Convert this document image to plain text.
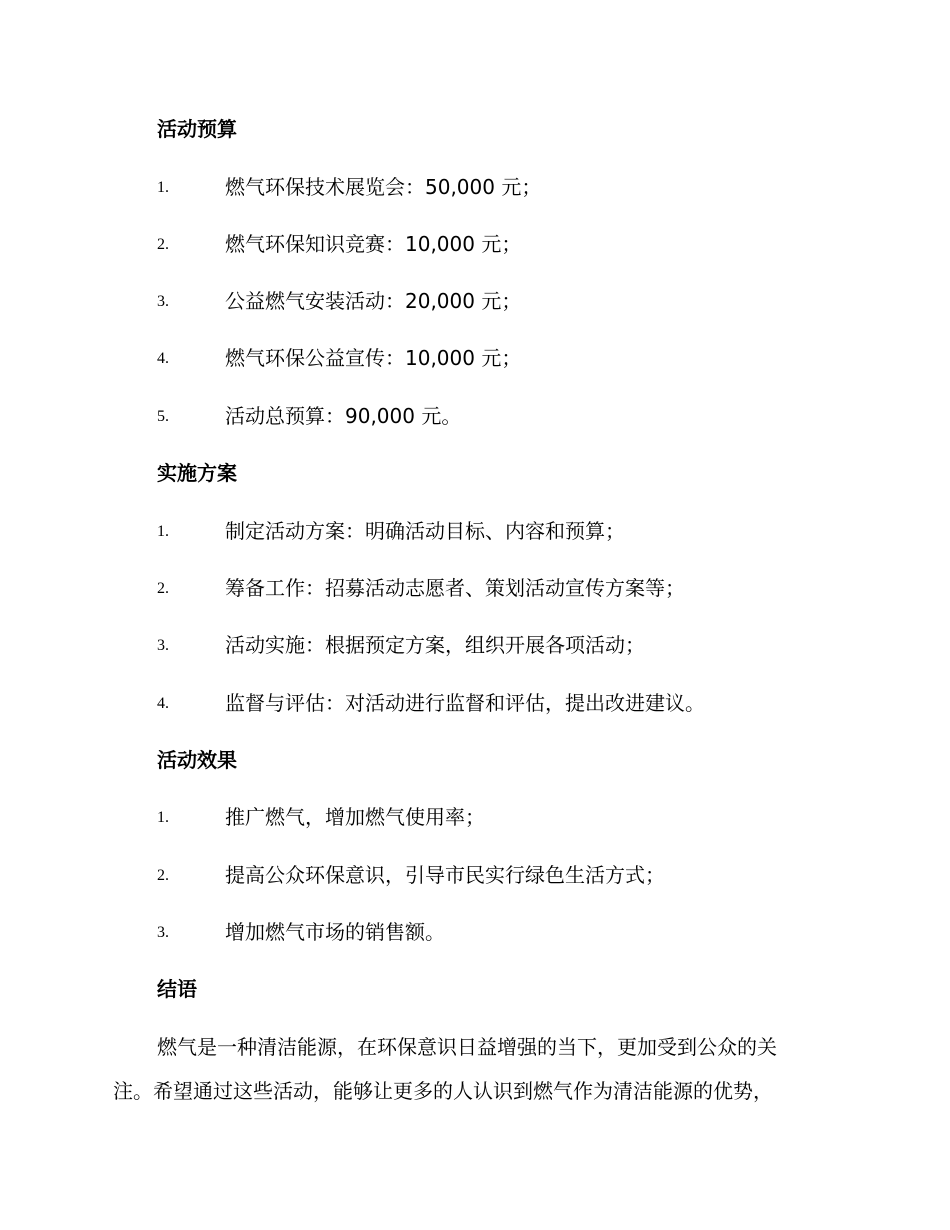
活动预算
1.	燃气环保技术展览会：50,000 元；
2.	燃气环保知识竞赛：10,000 元；
3.	公益燃气安装活动：20,000 元；
4.	燃气环保公益宣传：10,000 元；
5.	活动总预算：90,000 元。
实施方案
1.	制定活动方案：明确活动目标、内容和预算；
2.	筹备工作：招募活动志愿者、策划活动宣传方案等；
3.	活动实施：根据预定方案，组织开展各项活动；
4.	监督与评估：对活动进行监督和评估，提出改进建议。
活动效果
1.	推广燃气，增加燃气使用率；
2.	提高公众环保意识，引导市民实行绿色生活方式；
3.	增加燃气市场的销售额。
结语
燃气是一种清洁能源，在环保意识日益增强的当下，更加受到公众的关
注。希望通过这些活动，能够让更多的人认识到燃气作为清洁能源的优势，
